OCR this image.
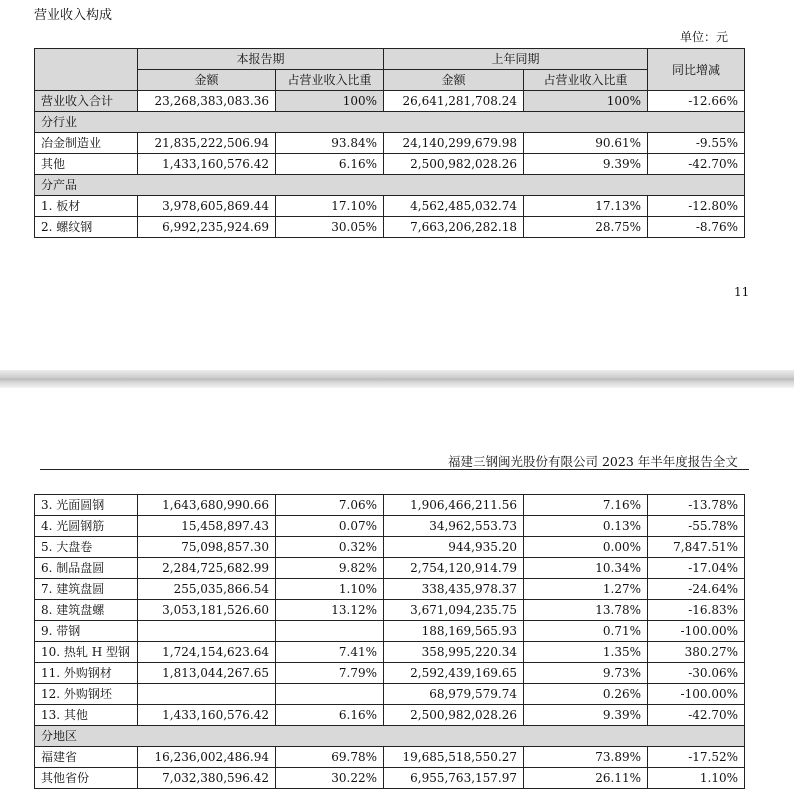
营业收入构成
单位：元
	本报告期		上年同期		同比增减
	金额	占营业收入比重	金额	占营业收入比重	
营业收入合计	23,268,383,083.36	100%	26,641,281,708.24	100%	-12.66%
分行业					
冶金制造业	21,835,222,506.94	93.84%	24,140,299,679.98	90.61%	-9.55%
其他	1,433,160,576.42	6.16%	2,500,982,028.26	9.39%	-42.70%
分产品					
1. 板材	3,978,605,869.44	17.10%	4,562,485,032.74	17.13%	-12.80%
2. 螺纹钢	6,992,235,924.69	30.05%	7,663,206,282.18	28.75%	-8.76%
11
福建三钢闽光股份有限公司 2023 年半年度报告全文
3. 光面圆钢	1,643,680,990.66	7.06%	1,906,466,211.56	7.16%	-13.78%
4. 光圆钢筋	15,458,897.43	0.07%	34,962,553.73	0.13%	-55.78%
5. 大盘卷	75,098,857.30	0.32%	944,935.20	0.00%	7,847.51%
6. 制品盘圆	2,284,725,682.99	9.82%	2,754,120,914.79	10.34%	-17.04%
7. 建筑盘圆	255,035,866.54	1.10%	338,435,978.37	1.27%	-24.64%
8. 建筑盘螺	3,053,181,526.60	13.12%	3,671,094,235.75	13.78%	-16.83%
9. 带钢			188,169,565.93	0.71%	-100.00%
10. 热轧 H 型钢	1,724,154,623.64	7.41%	358,995,220.34	1.35%	380.27%
11. 外购钢材	1,813,044,267.65	7.79%	2,592,439,169.65	9.73%	-30.06%
12. 外购钢坯			68,979,579.74	0.26%	-100.00%
13. 其他	1,433,160,576.42	6.16%	2,500,982,028.26	9.39%	-42.70%
分地区					
福建省	16,236,002,486.94	69.78%	19,685,518,550.27	73.89%	-17.52%
其他省份	7,032,380,596.42	30.22%	6,955,763,157.97	26.11%	1.10%
